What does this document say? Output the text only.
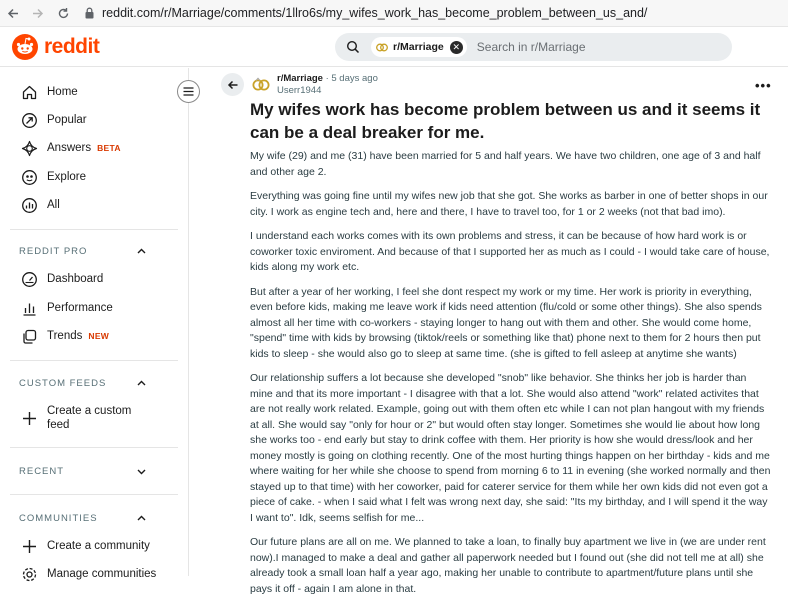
reddit.com/r/Marriage/comments/1llro6s/my_wifes_work_has_become_problem_between_us_and/
reddit	r/Marriage ✕ Search in r/Marriage
Home
Popular
Answers BETA
Explore
All
REDDIT PRO
Dashboard
Performance
Trends NEW
CUSTOM FEEDS
Create a custom
feed
RECENT
COMMUNITIES
Create a community
Manage communities
r/Marriage · 5 days ago
Userr1944	•••
My wifes work has become problem between us and it seems it can be a deal breaker for me.

My wife (29) and me (31) have been married for 5 and half years. We have two children, one age of 3 and half and other age 2.

Everything was going fine until my wifes new job that she got. She works as barber in one of better shops in our city. I work as engine tech and, here and there, I have to travel too, for 1 or 2 weeks (not that bad imo).

I understand each works comes with its own problems and stress, it can be because of how hard work is or coworker toxic enviroment. And because of that I supported her as much as I could - I would take care of house, kids along my work etc.

But after a year of her working, I feel she dont respect my work or my time. Her work is priority in everything, even before kids, making me leave work if kids need attention (flu/cold or some other things). She also spends almost all her time with co-workers - staying longer to hang out with them and other. She would come home, "spend" time with kids by browsing (tiktok/reels or something like that) phone next to them for 2 hours then put kids to sleep - she would also go to sleep at same time. (she is gifted to fell asleep at anytime she wants)

Our relationship suffers a lot because she developed "snob" like behavior. She thinks her job is harder than mine and that its more important - I disagree with that a lot. She would also attend "work" related activites that are not really work related. Example, going out with them often etc while I can not plan hangout with my friends at all. She would say "only for hour or 2" but would often stay longer. Sometimes she would lie about how long she works too - end early but stay to drink coffee with them. Her priority is how she would dress/look and her money mostly is going on clothing recently. One of the most hurting things happen on her birthday - kids and me where waiting for her while she choose to spend from morning 6 to 11 in evening (she worked normally and then stayed up to that time) with her coworker, paid for caterer service for them while her own kids did not even got a piece of cake. - when I said what I felt was wrong next day, she said: "Its my birthday, and I will spend it the way I want to". Idk, seems selfish for me...

Our future plans are all on me. We planned to take a loan, to finally buy apartment we live in (we are under rent now).I managed to make a deal and gather all paperwork needed but I found out (she did not tell me at all) she already took a small loan half a year ago, making her unable to contribute to apartment/future plans until she pays it off - again I am alone in that.
